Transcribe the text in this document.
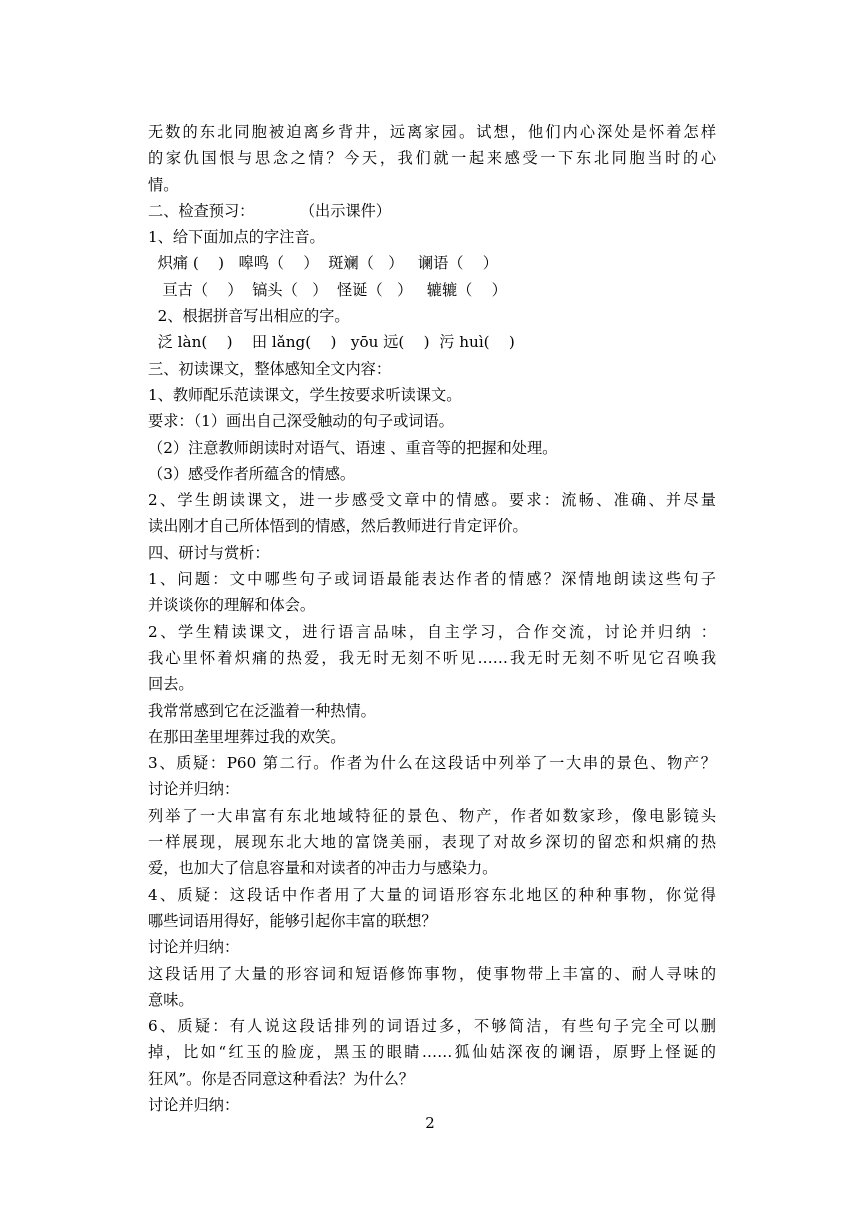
无数的东北同胞被迫离乡背井，远离家园。试想，他们内心深处是怀着怎样
的家仇国恨与思念之情？今天，我们就一起来感受一下东北同胞当时的心
情。
二、检查预习：　　　　（出示课件）
1、给下面加点的字注音。
炽痛 (    )   嗥鸣（    ）  斑斓（   ）   谰语（    ）
亘古（    ）  镐头（   ）  怪诞（   ）   辘辘（    ）
2、根据拼音写出相应的字。
泛 làn(    )    田 lǎng(    )   yōu 远(    )  污 huì(    )
三、初读课文，整体感知全文内容：
1、教师配乐范读课文，学生按要求听读课文。
要求：（1）画出自己深受触动的句子或词语。
（2）注意教师朗读时对语气、语速 、重音等的把握和处理。
（3）感受作者所蕴含的情感。
2、学生朗读课文，进一步感受文章中的情感。要求：流畅、准确、并尽量
读出刚才自己所体悟到的情感，然后教师进行肯定评价。
四、研讨与赏析：
1、问题：文中哪些句子或词语最能表达作者的情感？深情地朗读这些句子
并谈谈你的理解和体会。
2、学生精读课文，进行语言品味，自主学习，合作交流，讨论并归纳 ：
我心里怀着炽痛的热爱，我无时无刻不听见……我无时无刻不听见它召唤我
回去。
我常常感到它在泛滥着一种热情。
在那田垄里埋葬过我的欢笑。
3、质疑：P60 第二行。作者为什么在这段话中列举了一大串的景色、物产？
讨论并归纳：
列举了一大串富有东北地域特征的景色、物产，作者如数家珍，像电影镜头
一样展现，展现东北大地的富饶美丽，表现了对故乡深切的留恋和炽痛的热
爱，也加大了信息容量和对读者的冲击力与感染力。
4、质疑：这段话中作者用了大量的词语形容东北地区的种种事物，你觉得
哪些词语用得好，能够引起你丰富的联想？
讨论并归纳：
这段话用了大量的形容词和短语修饰事物，使事物带上丰富的、耐人寻味的
意味。
6、质疑：有人说这段话排列的词语过多，不够简洁，有些句子完全可以删
掉，比如“红玉的脸庞，黑玉的眼睛……狐仙姑深夜的谰语，原野上怪诞的
狂风”。你是否同意这种看法？为什么？
讨论并归纳：
2
